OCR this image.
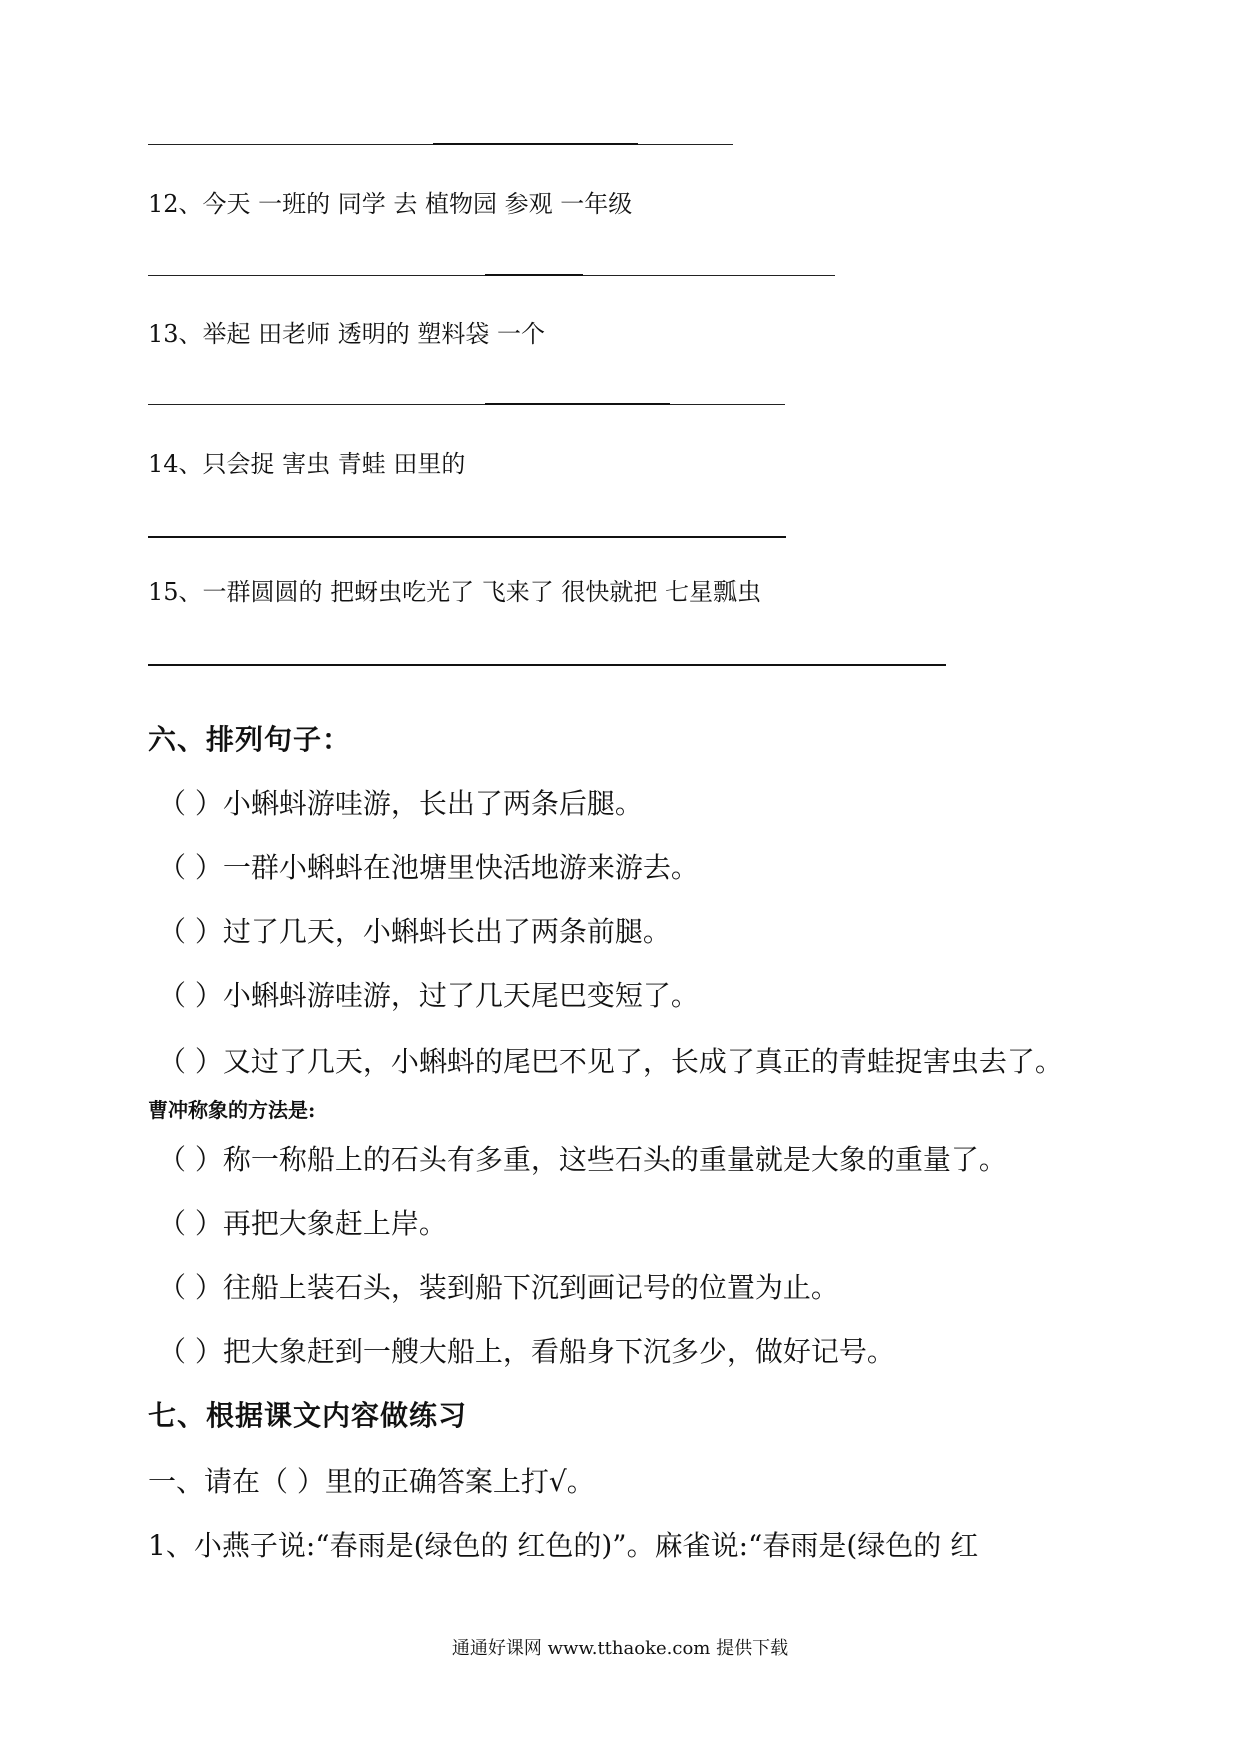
12、今天 一班的 同学 去 植物园 参观 一年级
13、举起 田老师 透明的 塑料袋 一个
14、只会捉 害虫 青蛙 田里的
15、一群圆圆的 把蚜虫吃光了 飞来了 很快就把 七星瓢虫
六、排列句子：
（ ）小蝌蚪游哇游，长出了两条后腿。
（ ）一群小蝌蚪在池塘里快活地游来游去。
（ ）过了几天，小蝌蚪长出了两条前腿。
（ ）小蝌蚪游哇游，过了几天尾巴变短了。
（ ）又过了几天，小蝌蚪的尾巴不见了，长成了真正的青蛙捉害虫去了。
曹冲称象的方法是:
（ ）称一称船上的石头有多重，这些石头的重量就是大象的重量了。
（ ）再把大象赶上岸。
（ ）往船上装石头，装到船下沉到画记号的位置为止。
（ ）把大象赶到一艘大船上，看船身下沉多少，做好记号。
七、根据课文内容做练习
一、请在（ ）里的正确答案上打√。
1、小燕子说:“春雨是(绿色的 红色的)”。麻雀说:“春雨是(绿色的 红
通通好课网 www.tthaoke.com 提供下载
